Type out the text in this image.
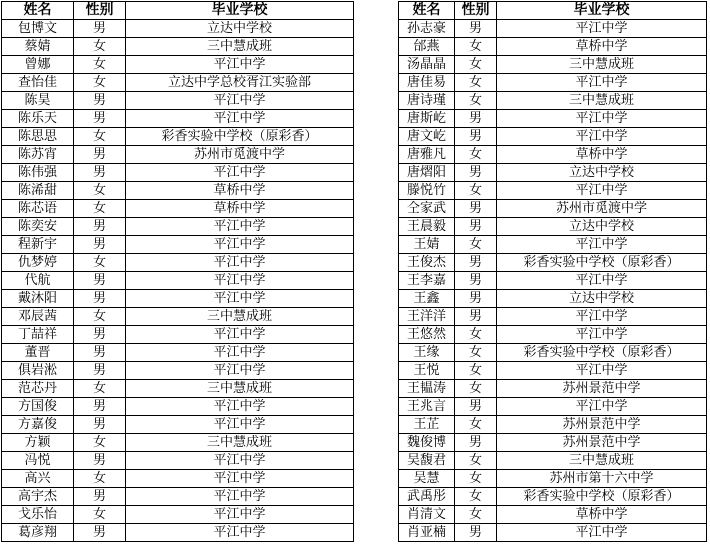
姓名	性别	毕业学校
包博文	男	立达中学校
蔡婧	女	三中慧成班
曾娜	女	平江中学
查怡佳	女	立达中学总校胥江实验部
陈昊	男	平江中学
陈乐天	男	平江中学
陈思思	女	彩香实验中学校（原彩香）
陈苏宵	男	苏州市觅渡中学
陈伟强	男	平江中学
陈浠甜	女	草桥中学
陈芯语	女	草桥中学
陈奕安	男	平江中学
程新宇	男	平江中学
仇梦婷	女	平江中学
代航	男	平江中学
戴沐阳	男	平江中学
邓辰茜	女	三中慧成班
丁喆祥	男	平江中学
董晋	男	平江中学
俱岩淞	男	平江中学
范芯丹	女	三中慧成班
方国俊	男	平江中学
方嘉俊	男	平江中学
方颖	女	三中慧成班
冯悦	男	平江中学
高兴	女	平江中学
高宇杰	男	平江中学
戈乐怡	女	平江中学
葛彦翔	男	平江中学
姓名	性别	毕业学校
孙志豪	男	平江中学
邰燕	女	草桥中学
汤晶晶	女	三中慧成班
唐佳易	女	平江中学
唐诗瑾	女	三中慧成班
唐斯屹	男	平江中学
唐文屹	男	平江中学
唐雅凡	女	草桥中学
唐熠阳	男	立达中学校
滕悦竹	女	平江中学
仝家武	男	苏州市觅渡中学
王晨毅	男	立达中学校
王婧	女	平江中学
王俊杰	男	彩香实验中学校（原彩香）
王李嘉	男	平江中学
王鑫	男	立达中学校
王洋洋	男	平江中学
王悠然	女	平江中学
王缘	女	彩香实验中学校（原彩香）
王悦	女	平江中学
王韫涛	女	苏州景范中学
王兆言	男	平江中学
王芷	女	苏州景范中学
魏俊博	男	苏州景范中学
吴馥君	女	三中慧成班
吴慧	女	苏州市第十六中学
武禹彤	女	彩香实验中学校（原彩香）
肖清文	女	草桥中学
肖亚楠	男	平江中学
